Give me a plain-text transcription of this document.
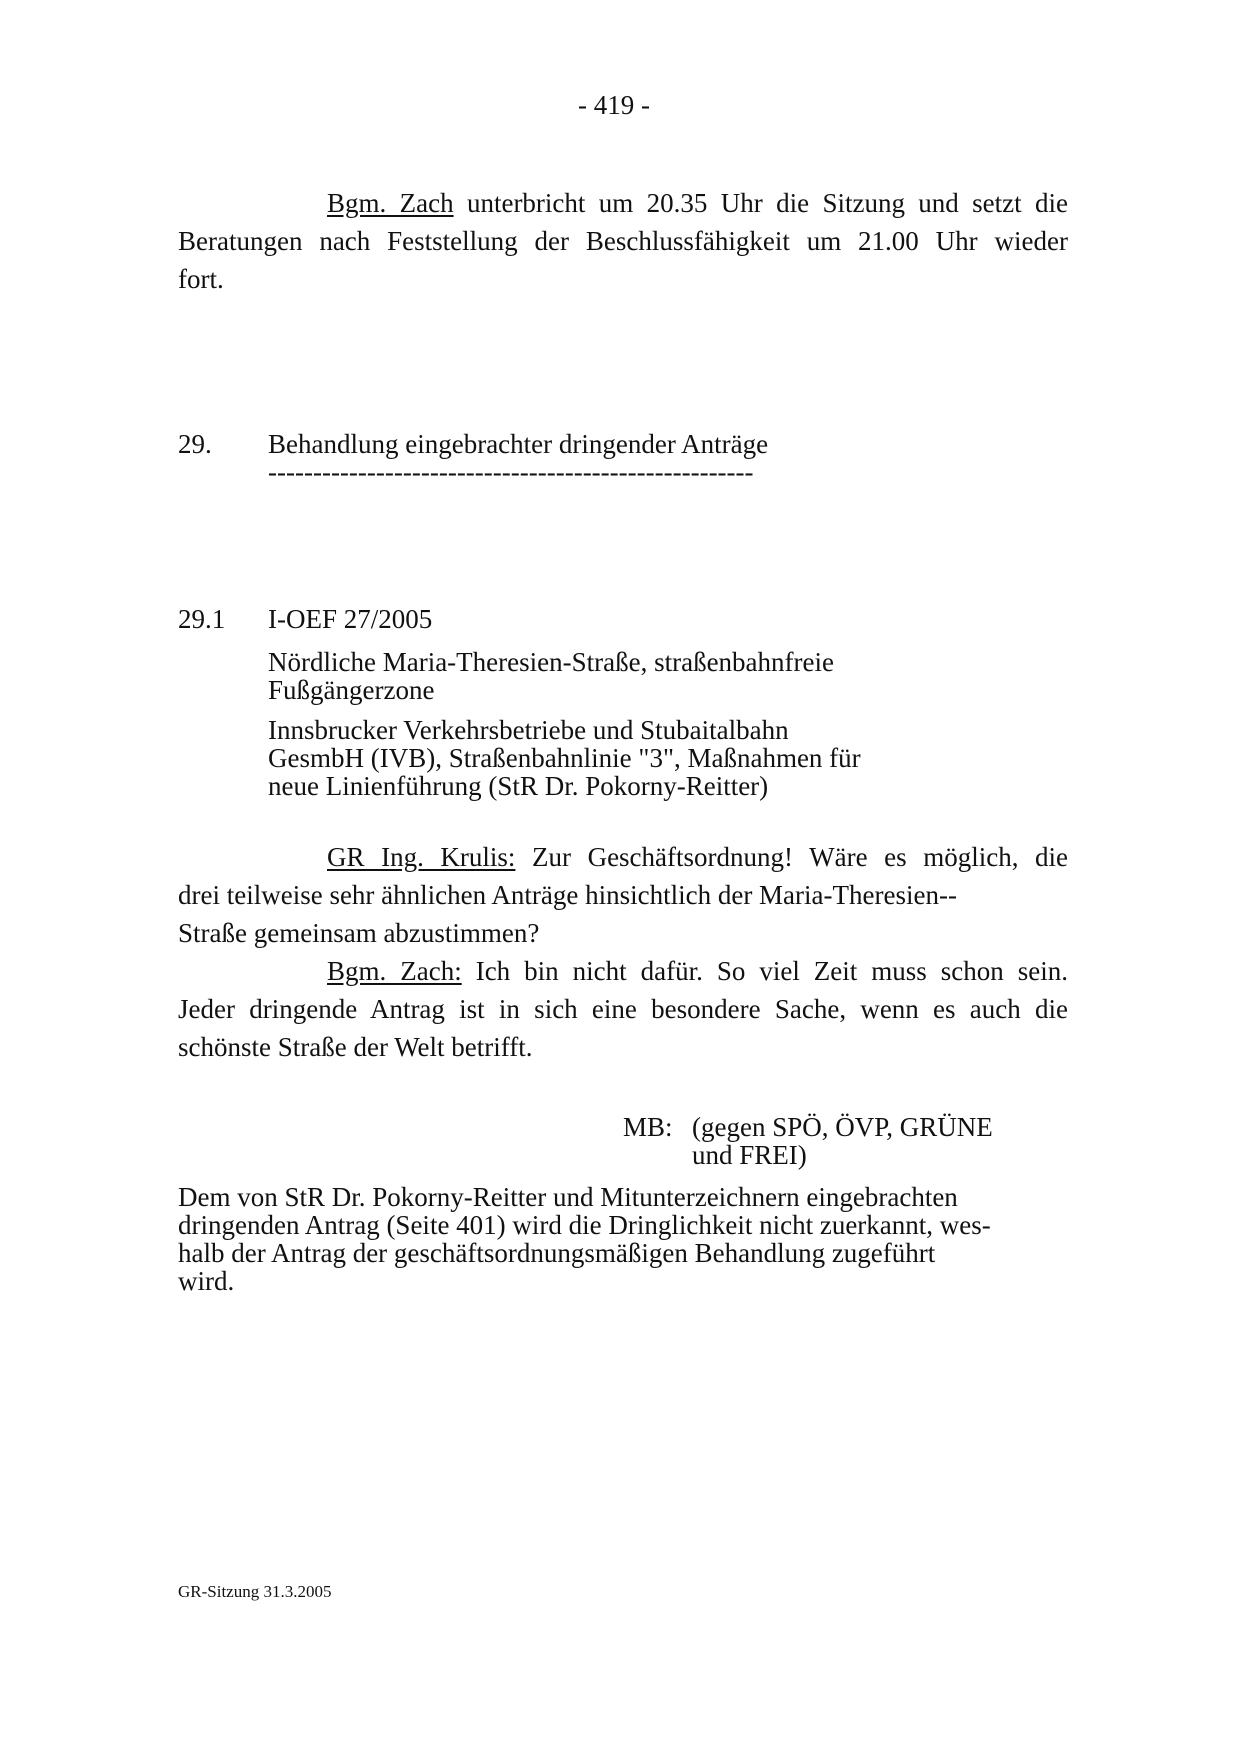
- 419 -
Bgm. Zach unterbricht um 20.35 Uhr die Sitzung und setzt die
Beratungen nach Feststellung der Beschlussfähigkeit um 21.00 Uhr wieder
fort.
29. Behandlung eingebrachter dringender Anträge
------------------------------------------------------
29.1 I-OEF 27/2005
Nördliche Maria-Theresien-Straße, straßenbahnfreie
Fußgängerzone
Innsbrucker Verkehrsbetriebe und Stubaitalbahn
GesmbH (IVB), Straßenbahnlinie "3", Maßnahmen für
neue Linienführung (StR Dr. Pokorny-Reitter)
GR Ing. Krulis: Zur Geschäftsordnung! Wäre es möglich, die
drei teilweise sehr ähnlichen Anträge hinsichtlich der Maria-Theresien--
Straße gemeinsam abzustimmen?
Bgm. Zach: Ich bin nicht dafür. So viel Zeit muss schon sein.
Jeder dringende Antrag ist in sich eine besondere Sache, wenn es auch die
schönste Straße der Welt betrifft.
MB: (gegen SPÖ, ÖVP, GRÜNE
und FREI)
Dem von StR Dr. Pokorny-Reitter und Mitunterzeichnern eingebrachten
dringenden Antrag (Seite 401) wird die Dringlichkeit nicht zuerkannt, wes-
halb der Antrag der geschäftsordnungsmäßigen Behandlung zugeführt
wird.
GR-Sitzung 31.3.2005
